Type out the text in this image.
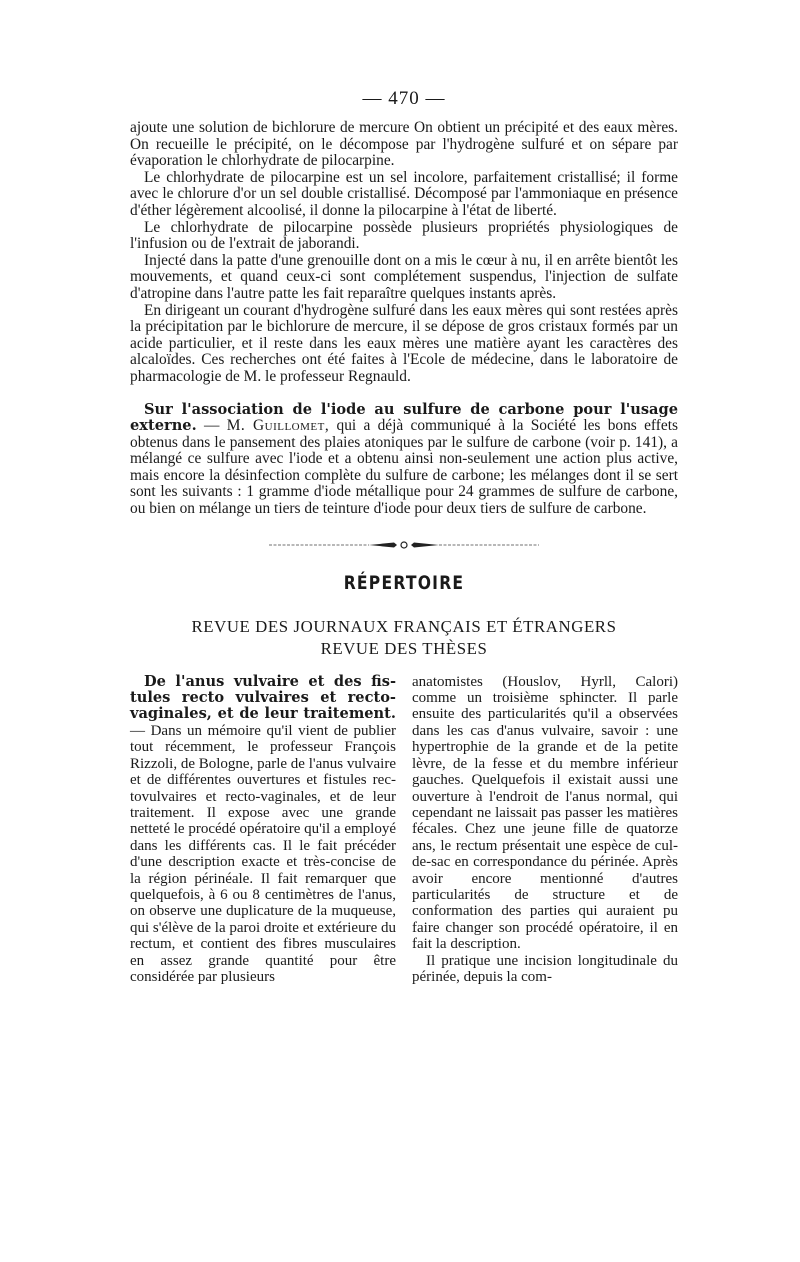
— 470 —

ajoute une solution de bichlorure de mercure On obtient un précipité et des eaux mères. On recueille le précipité, on le décompose par l'hydrogène sulfuré et on sépare par évaporation le chlorhydrate de pilocarpine.

Le chlorhydrate de pilocarpine est un sel incolore, parfaitement cristallisé; il forme avec le chlorure d'or un sel double cristallisé. Décomposé par l'ammoniaque en présence d'éther légèrement alcoolisé, il donne la pilocarpine à l'état de liberté.

Le chlorhydrate de pilocarpine possède plusieurs propriétés physiologiques de l'infusion ou de l'extrait de jaborandi.

Injecté dans la patte d'une grenouille dont on a mis le cœur à nu, il en arrête bientôt les mouvements, et quand ceux-ci sont complétement suspendus, l'injection de sulfate d'atropine dans l'autre patte les fait reparaître quelques instants après.

En dirigeant un courant d'hydrogène sulfuré dans les eaux mères qui sont restées après la précipitation par le bichlorure de mercure, il se dépose de gros cristaux formés par un acide particulier, et il reste dans les eaux mères une matière ayant les caractères des alcaloïdes. Ces recherches ont été faites à l'Ecole de médecine, dans le laboratoire de pharmacologie de M. le professeur Regnauld.

Sur l'association de l'iode au sulfure de carbone pour l'usage externe. — M. Guillomet, qui a déjà communiqué à la Société les bons effets obtenus dans le pansement des plaies atoniques par le sulfure de carbone (voir p. 141), a mélangé ce sulfure avec l'iode et a obtenu ainsi non-seulement une action plus active, mais encore la désinfection complète du sulfure de carbone; les mélanges dont il se sert sont les suivants : 1 gramme d'iode métallique pour 24 grammes de sulfure de carbone, ou bien on mélange un tiers de teinture d'iode pour deux tiers de sulfure de carbone.

RÉPERTOIRE
REVUE DES JOURNAUX FRANÇAIS ET ÉTRANGERS
REVUE DES THÈSES

De l'anus vulvaire et des fistules recto vulvaires et recto-vaginales, et de leur traitement. — Dans un mémoire qu'il vient de publier tout récemment, le professeur François Rizzoli, de Bologne, parle de l'anus vulvaire et de différentes ouvertures et fistules rectovulvaires et recto-vaginales, et de leur traitement. Il expose avec une grande netteté le procédé opératoire qu'il a employé dans les différents cas. Il le fait précéder d'une description exacte et très-concise de la région périnéale. Il fait remarquer que quelquefois, à 6 ou 8 centimètres de l'anus, on observe une duplicature de la muqueuse, qui s'élève de la paroi droite et extérieure du rectum, et contient des fibres musculaires en assez grande quantité pour être considérée par plusieurs

anatomistes (Houslov, Hyrll, Calori) comme un troisième sphincter. Il parle ensuite des particularités qu'il a observées dans les cas d'anus vulvaire, savoir : une hypertrophie de la grande et de la petite lèvre, de la fesse et du membre inférieur gauches. Quelquefois il existait aussi une ouverture à l'endroit de l'anus normal, qui cependant ne laissait pas passer les matières fécales. Chez une jeune fille de quatorze ans, le rectum présentait une espèce de cul-de-sac en correspondance du périnée. Après avoir encore mentionné d'autres particularités de structure et de conformation des parties qui auraient pu faire changer son procédé opératoire, il en fait la description.

Il pratique une incision longitudinale du périnée, depuis la com-
